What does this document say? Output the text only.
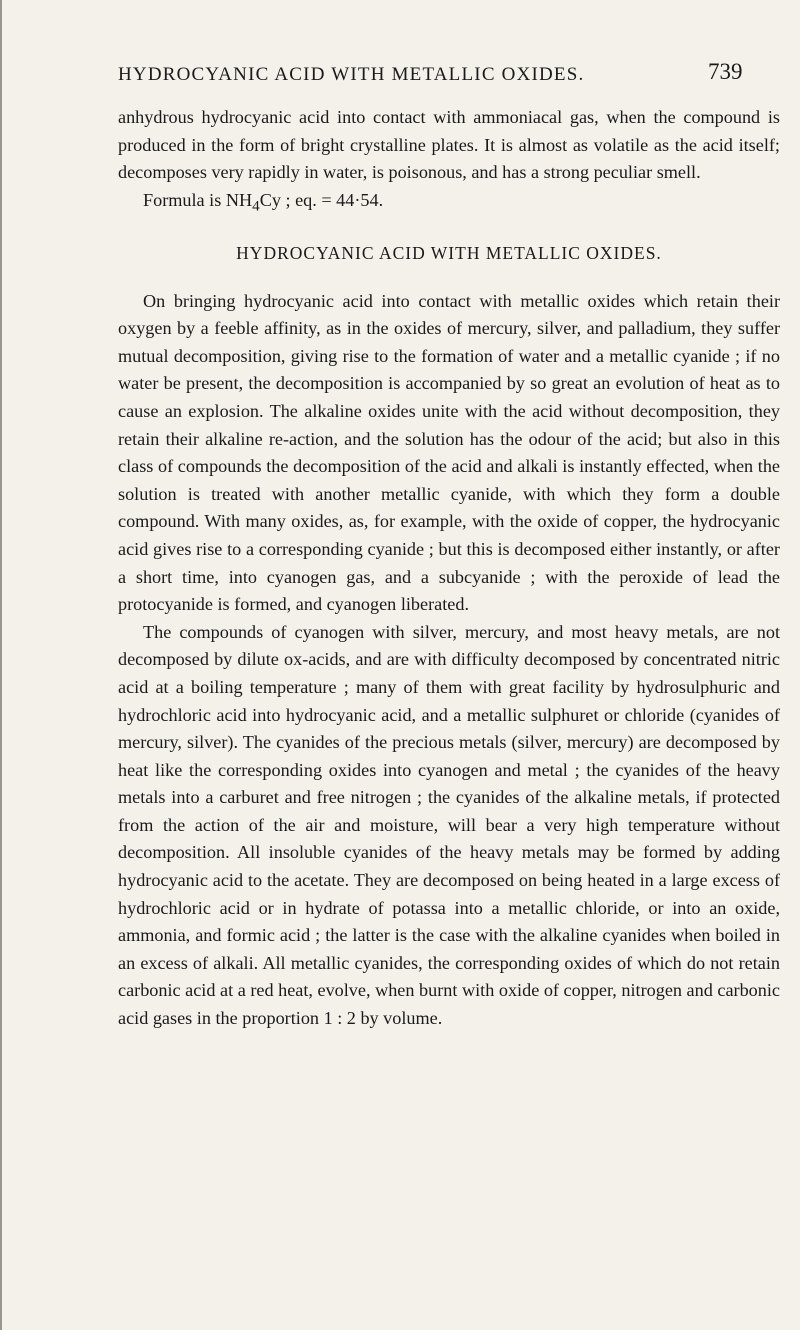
HYDROCYANIC ACID WITH METALLIC OXIDES.	739

anhydrous hydrocyanic acid into contact with ammoniacal gas, when the compound is produced in the form of bright crystalline plates. It is almost as volatile as the acid itself; decomposes very rapidly in water, is poisonous, and has a strong peculiar smell.

Formula is $NH_4Cy$ ; eq. = 44·54.

HYDROCYANIC ACID WITH METALLIC OXIDES.

On bringing hydrocyanic acid into contact with metallic oxides which retain their oxygen by a feeble affinity, as in the oxides of mercury, silver, and palladium, they suffer mutual decomposition, giving rise to the formation of water and a metallic cyanide ; if no water be present, the decomposition is accompanied by so great an evolution of heat as to cause an explosion. The alkaline oxides unite with the acid without decomposition, they retain their alkaline re-action, and the solution has the odour of the acid; but also in this class of compounds the decomposition of the acid and alkali is instantly effected, when the solution is treated with another metallic cyanide, with which they form a double compound. With many oxides, as, for example, with the oxide of copper, the hydrocyanic acid gives rise to a corresponding cyanide ; but this is decomposed either instantly, or after a short time, into cyanogen gas, and a subcyanide ; with the peroxide of lead the protocyanide is formed, and cyanogen liberated.

The compounds of cyanogen with silver, mercury, and most heavy metals, are not decomposed by dilute ox-acids, and are with difficulty decomposed by concentrated nitric acid at a boiling temperature ; many of them with great facility by hydrosulphuric and hydrochloric acid into hydrocyanic acid, and a metallic sulphuret or chloride (cyanides of mercury, silver). The cyanides of the precious metals (silver, mercury) are decomposed by heat like the corresponding oxides into cyanogen and metal ; the cyanides of the heavy metals into a carburet and free nitrogen ; the cyanides of the alkaline metals, if protected from the action of the air and moisture, will bear a very high temperature without decomposition. All insoluble cyanides of the heavy metals may be formed by adding hydrocyanic acid to the acetate. They are decomposed on being heated in a large excess of hydrochloric acid or in hydrate of potassa into a metallic chloride, or into an oxide, ammonia, and formic acid ; the latter is the case with the alkaline cyanides when boiled in an excess of alkali. All metallic cyanides, the corresponding oxides of which do not retain carbonic acid at a red heat, evolve, when burnt with oxide of copper, nitrogen and carbonic acid gases in the proportion 1 : 2 by volume.
